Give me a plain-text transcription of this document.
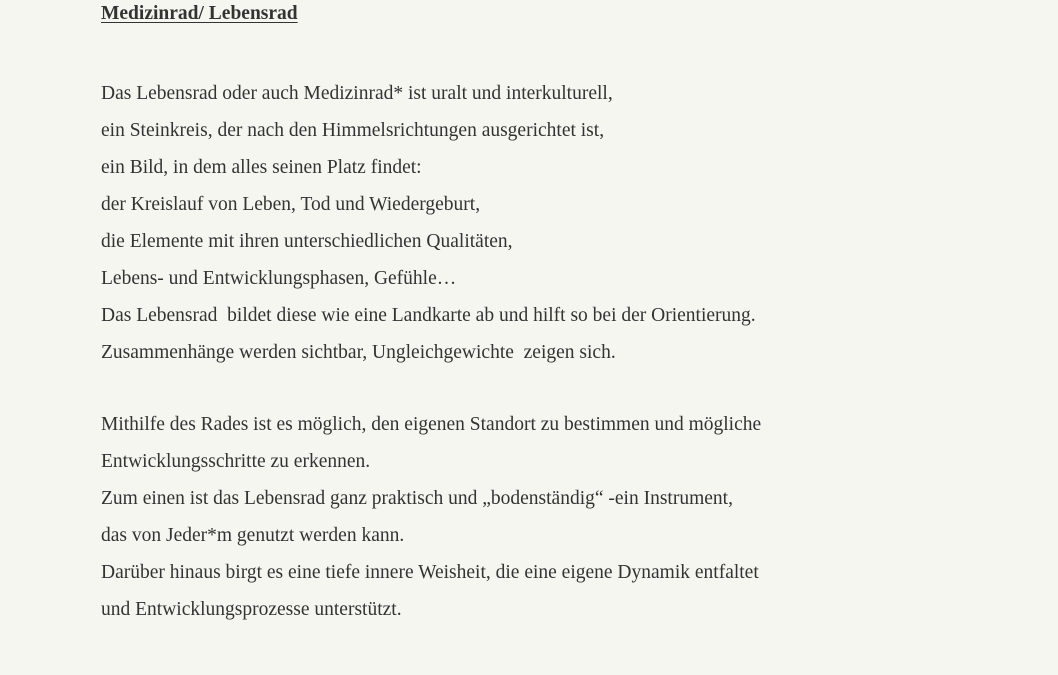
Medizinrad/ Lebensrad
Das Lebensrad oder auch Medizinrad* ist uralt und interkulturell,
ein Steinkreis, der nach den Himmelsrichtungen ausgerichtet ist,
ein Bild, in dem alles seinen Platz findet:
der Kreislauf von Leben, Tod und Wiedergeburt,
die Elemente mit ihren unterschiedlichen Qualitäten,
Lebens- und Entwicklungsphasen, Gefühle…
Das Lebensrad  bildet diese wie eine Landkarte ab und hilft so bei der Orientierung.
Zusammenhänge werden sichtbar, Ungleichgewichte  zeigen sich.
Mithilfe des Rades ist es möglich, den eigenen Standort zu bestimmen und mögliche
Entwicklungsschritte zu erkennen.
Zum einen ist das Lebensrad ganz praktisch und „bodenständig“ -ein Instrument,
das von Jeder*m genutzt werden kann.
Darüber hinaus birgt es eine tiefe innere Weisheit, die eine eigene Dynamik entfaltet
und Entwicklungsprozesse unterstützt.
